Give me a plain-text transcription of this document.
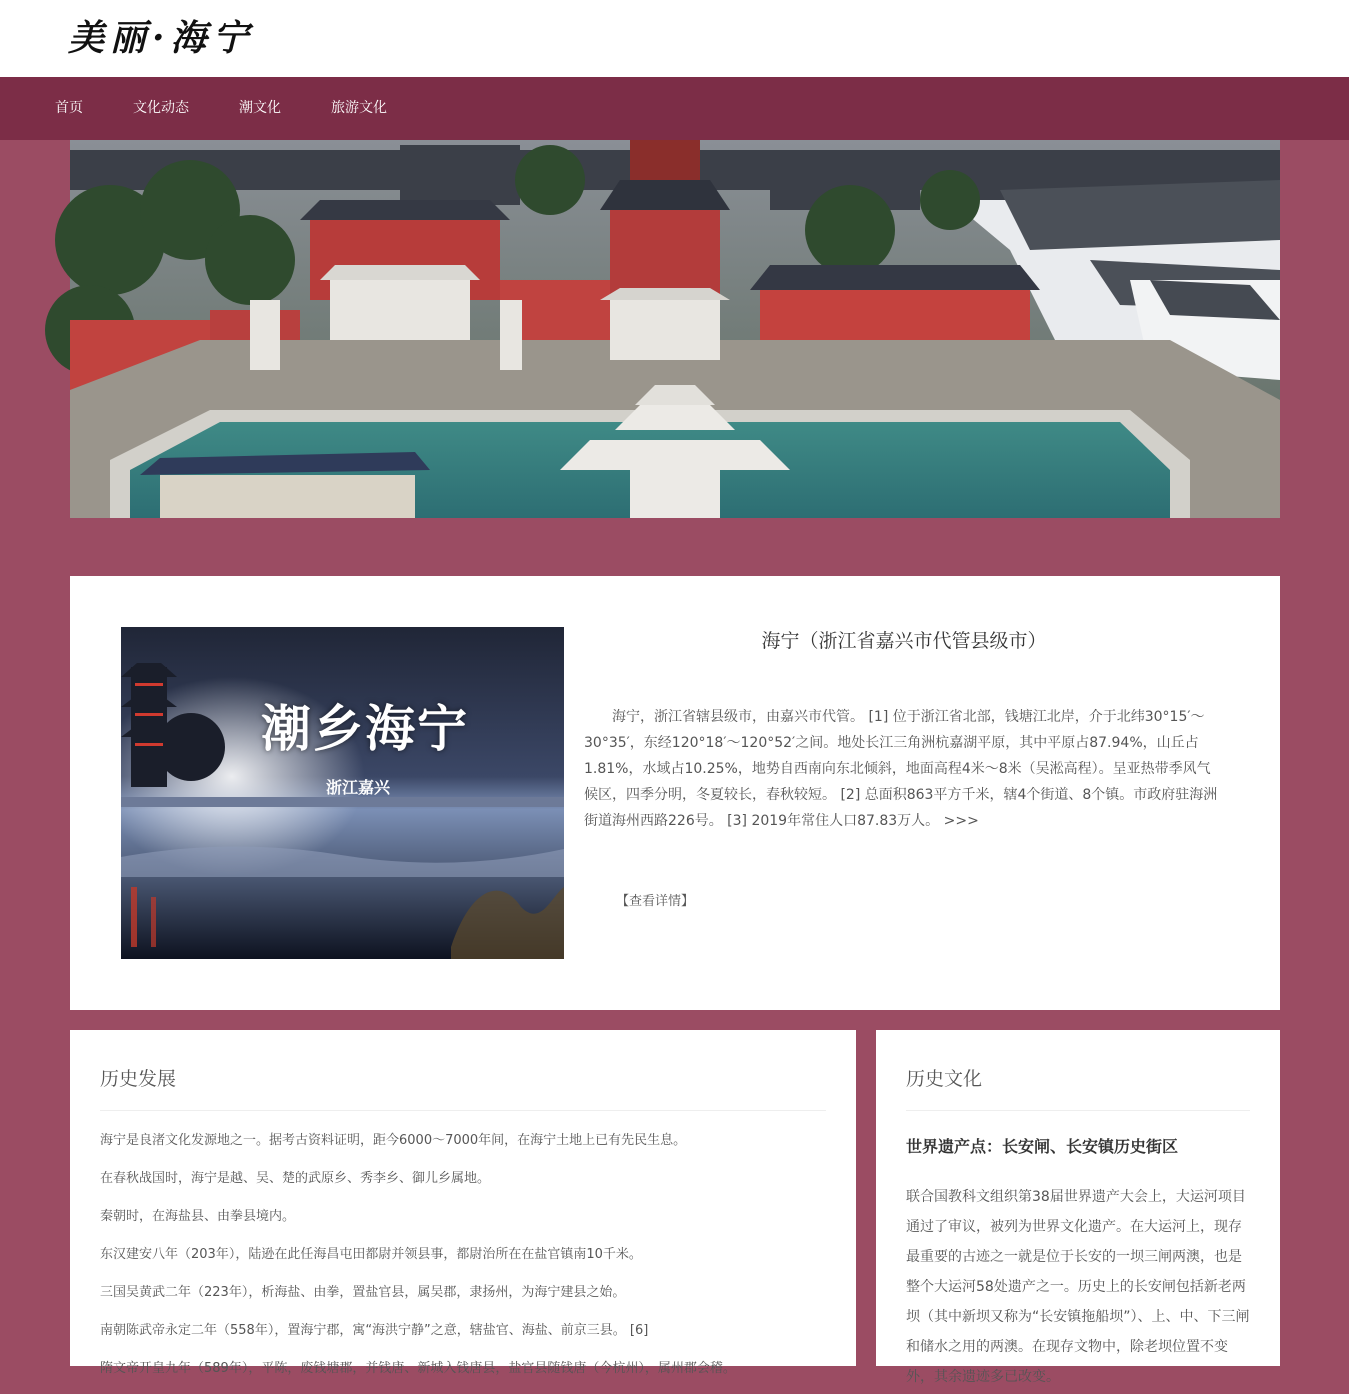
美丽·海宁
首页	文化动态	潮文化	旅游文化
潮乡海宁
浙江嘉兴
海宁（浙江省嘉兴市代管县级市）
海宁，浙江省辖县级市，由嘉兴市代管。 [1] 位于浙江省北部，钱塘江北岸，介于北纬30°15′～30°35′，东经120°18′～120°52′之间。地处长江三角洲杭嘉湖平原，其中平原占87.94%，山丘占1.81%，水域占10.25%，地势自西南向东北倾斜，地面高程4米～8米（吴淞高程）。呈亚热带季风气候区，四季分明，冬夏较长，春秋较短。 [2] 总面积863平方千米，辖4个街道、8个镇。市政府驻海洲街道海州西路226号。 [3] 2019年常住人口87.83万人。 >>>
【查看详情】
历史发展
海宁是良渚文化发源地之一。据考古资料证明，距今6000～7000年间，在海宁土地上已有先民生息。
在春秋战国时，海宁是越、吴、楚的武原乡、秀李乡、御儿乡属地。
秦朝时，在海盐县、由拳县境内。
东汉建安八年（203年），陆逊在此任海昌屯田都尉并领县事，都尉治所在在盐官镇南10千米。
三国吴黄武二年（223年），析海盐、由拳，置盐官县，属吴郡，隶扬州，为海宁建县之始。
南朝陈武帝永定二年（558年），置海宁郡，寓“海洪宁静”之意，辖盐官、海盐、前京三县。 [6]
隋文帝开皇九年（589年），平陈，废钱塘郡，并钱唐、新城入钱唐县，盐官县随钱唐（今杭州），属州郡会稽。
历史文化
世界遗产点：长安闸、长安镇历史街区
联合国教科文组织第38届世界遗产大会上，大运河项目通过了审议，被列为世界文化遗产。在大运河上，现存最重要的古迹之一就是位于长安的一坝三闸两澳，也是整个大运河58处遗产之一。历史上的长安闸包括新老两坝（其中新坝又称为“长安镇拖船坝”）、上、中、下三闸和储水之用的两澳。在现存文物中，除老坝位置不变外，其余遗迹多已改变。
